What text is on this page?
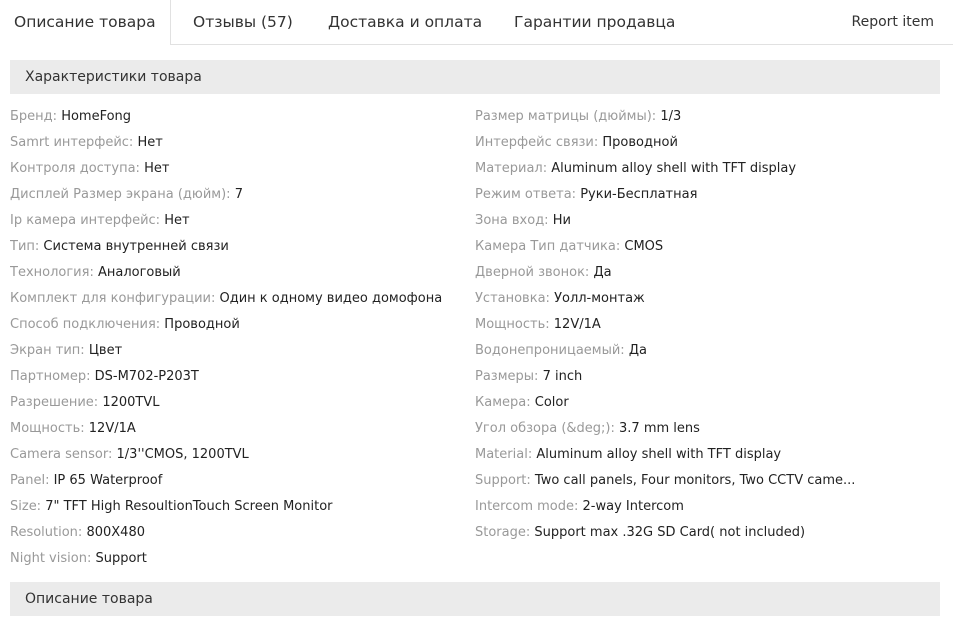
Описание товара	Отзывы (57) Доставка и оплата Гарантии продавца	Report item
Характеристики товара
Бренд: HomeFong
Samrt интерфейс: Нет
Контроля доступа: Нет
Дисплей Размер экрана (дюйм): 7
Ip камера интерфейс: Нет
Тип: Система внутренней связи
Технология: Аналоговый
Комплект для конфигурации: Один к одному видео домофона
Способ подключения: Проводной
Экран тип: Цвет
Партномер: DS-M702-P203T
Разрешение: 1200TVL
Мощность: 12V/1A
Camera sensor: 1/3''CMOS, 1200TVL
Panel: IP 65 Waterproof
Size: 7" TFT High ResoultionTouch Screen Monitor
Resolution: 800X480
Night vision: Support
Размер матрицы (дюймы): 1/3
Интерфейс связи: Проводной
Материал: Aluminum alloy shell with TFT display
Режим ответа: Руки-Бесплатная
Зона вход: Ни
Камера Тип датчика: CMOS
Дверной звонок: Да
Установка: Уолл-монтаж
Мощность: 12V/1A
Водонепроницаемый: Да
Размеры: 7 inch
Камера: Color
Угол обзора (&deg;): 3.7 mm lens
Material: Aluminum alloy shell with TFT display
Support: Two call panels, Four monitors, Two CCTV came...
Intercom mode: 2-way Intercom
Storage: Support max .32G SD Card( not included)
Описание товара
